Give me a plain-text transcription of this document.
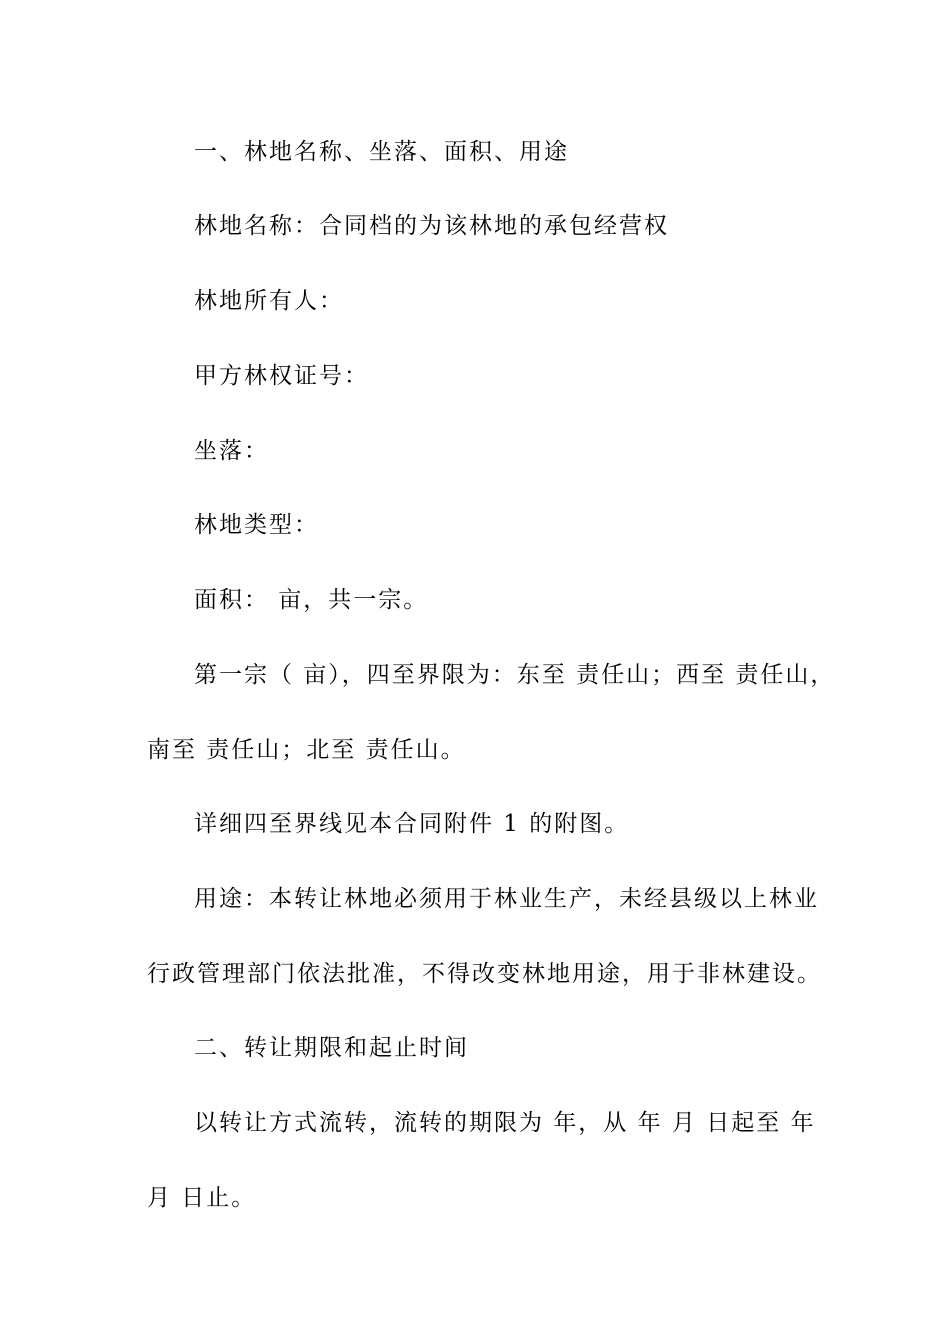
一、林地名称、坐落、面积、用途
林地名称：合同档的为该林地的承包经营权
林地所有人：
甲方林权证号：
坐落：
林地类型：
面积： 亩，共一宗。
第一宗（ 亩），四至界限为：东至 责任山；西至 责任山，
南至 责任山；北至 责任山。
详细四至界线见本合同附件 1 的附图。
用途：本转让林地必须用于林业生产，未经县级以上林业
行政管理部门依法批准，不得改变林地用途，用于非林建设。
二、转让期限和起止时间
以转让方式流转，流转的期限为 年，从 年 月 日起至 年
月 日止。
